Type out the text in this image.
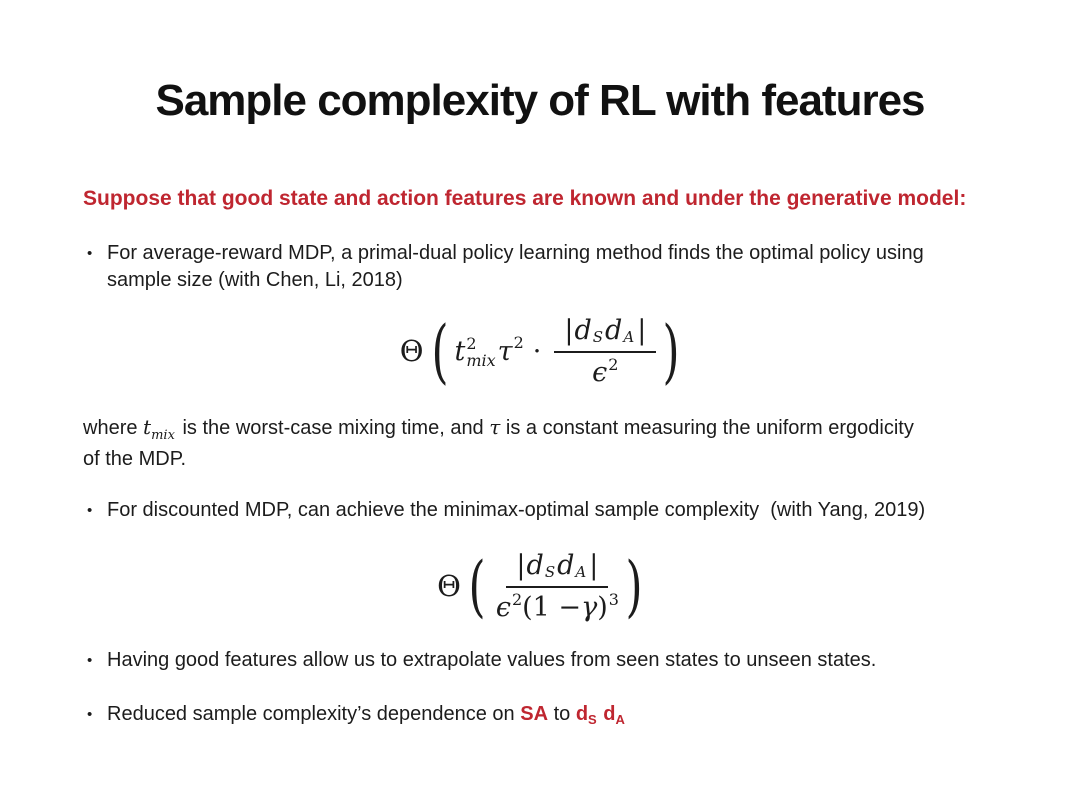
Sample complexity of RL with features
Suppose that good state and action features are known and under the generative model:
• For average-reward MDP, a primal-dual policy learning method finds the optimal policy using
sample size (with Chen, Li, 2018)
Θ ( t 2
mix τ $2 \cdot \frac{\text{| d S d A |}}{\epsilon 2}$ )
where tmix is the worst-case mixing time, and τ is a constant measuring the uniform ergodicity
of the MDP.
• For discounted MDP, can achieve the minimax-optimal sample complexity  (with Yang, 2019)
Θ ( $\frac{\text{| d S d A |}}{\epsilon 2 (1 - \gamma ) 3}$ )
• Having good features allow us to extrapolate values from seen states to unseen states.
• Reduced sample complexity’s dependence on SA to dS dA
